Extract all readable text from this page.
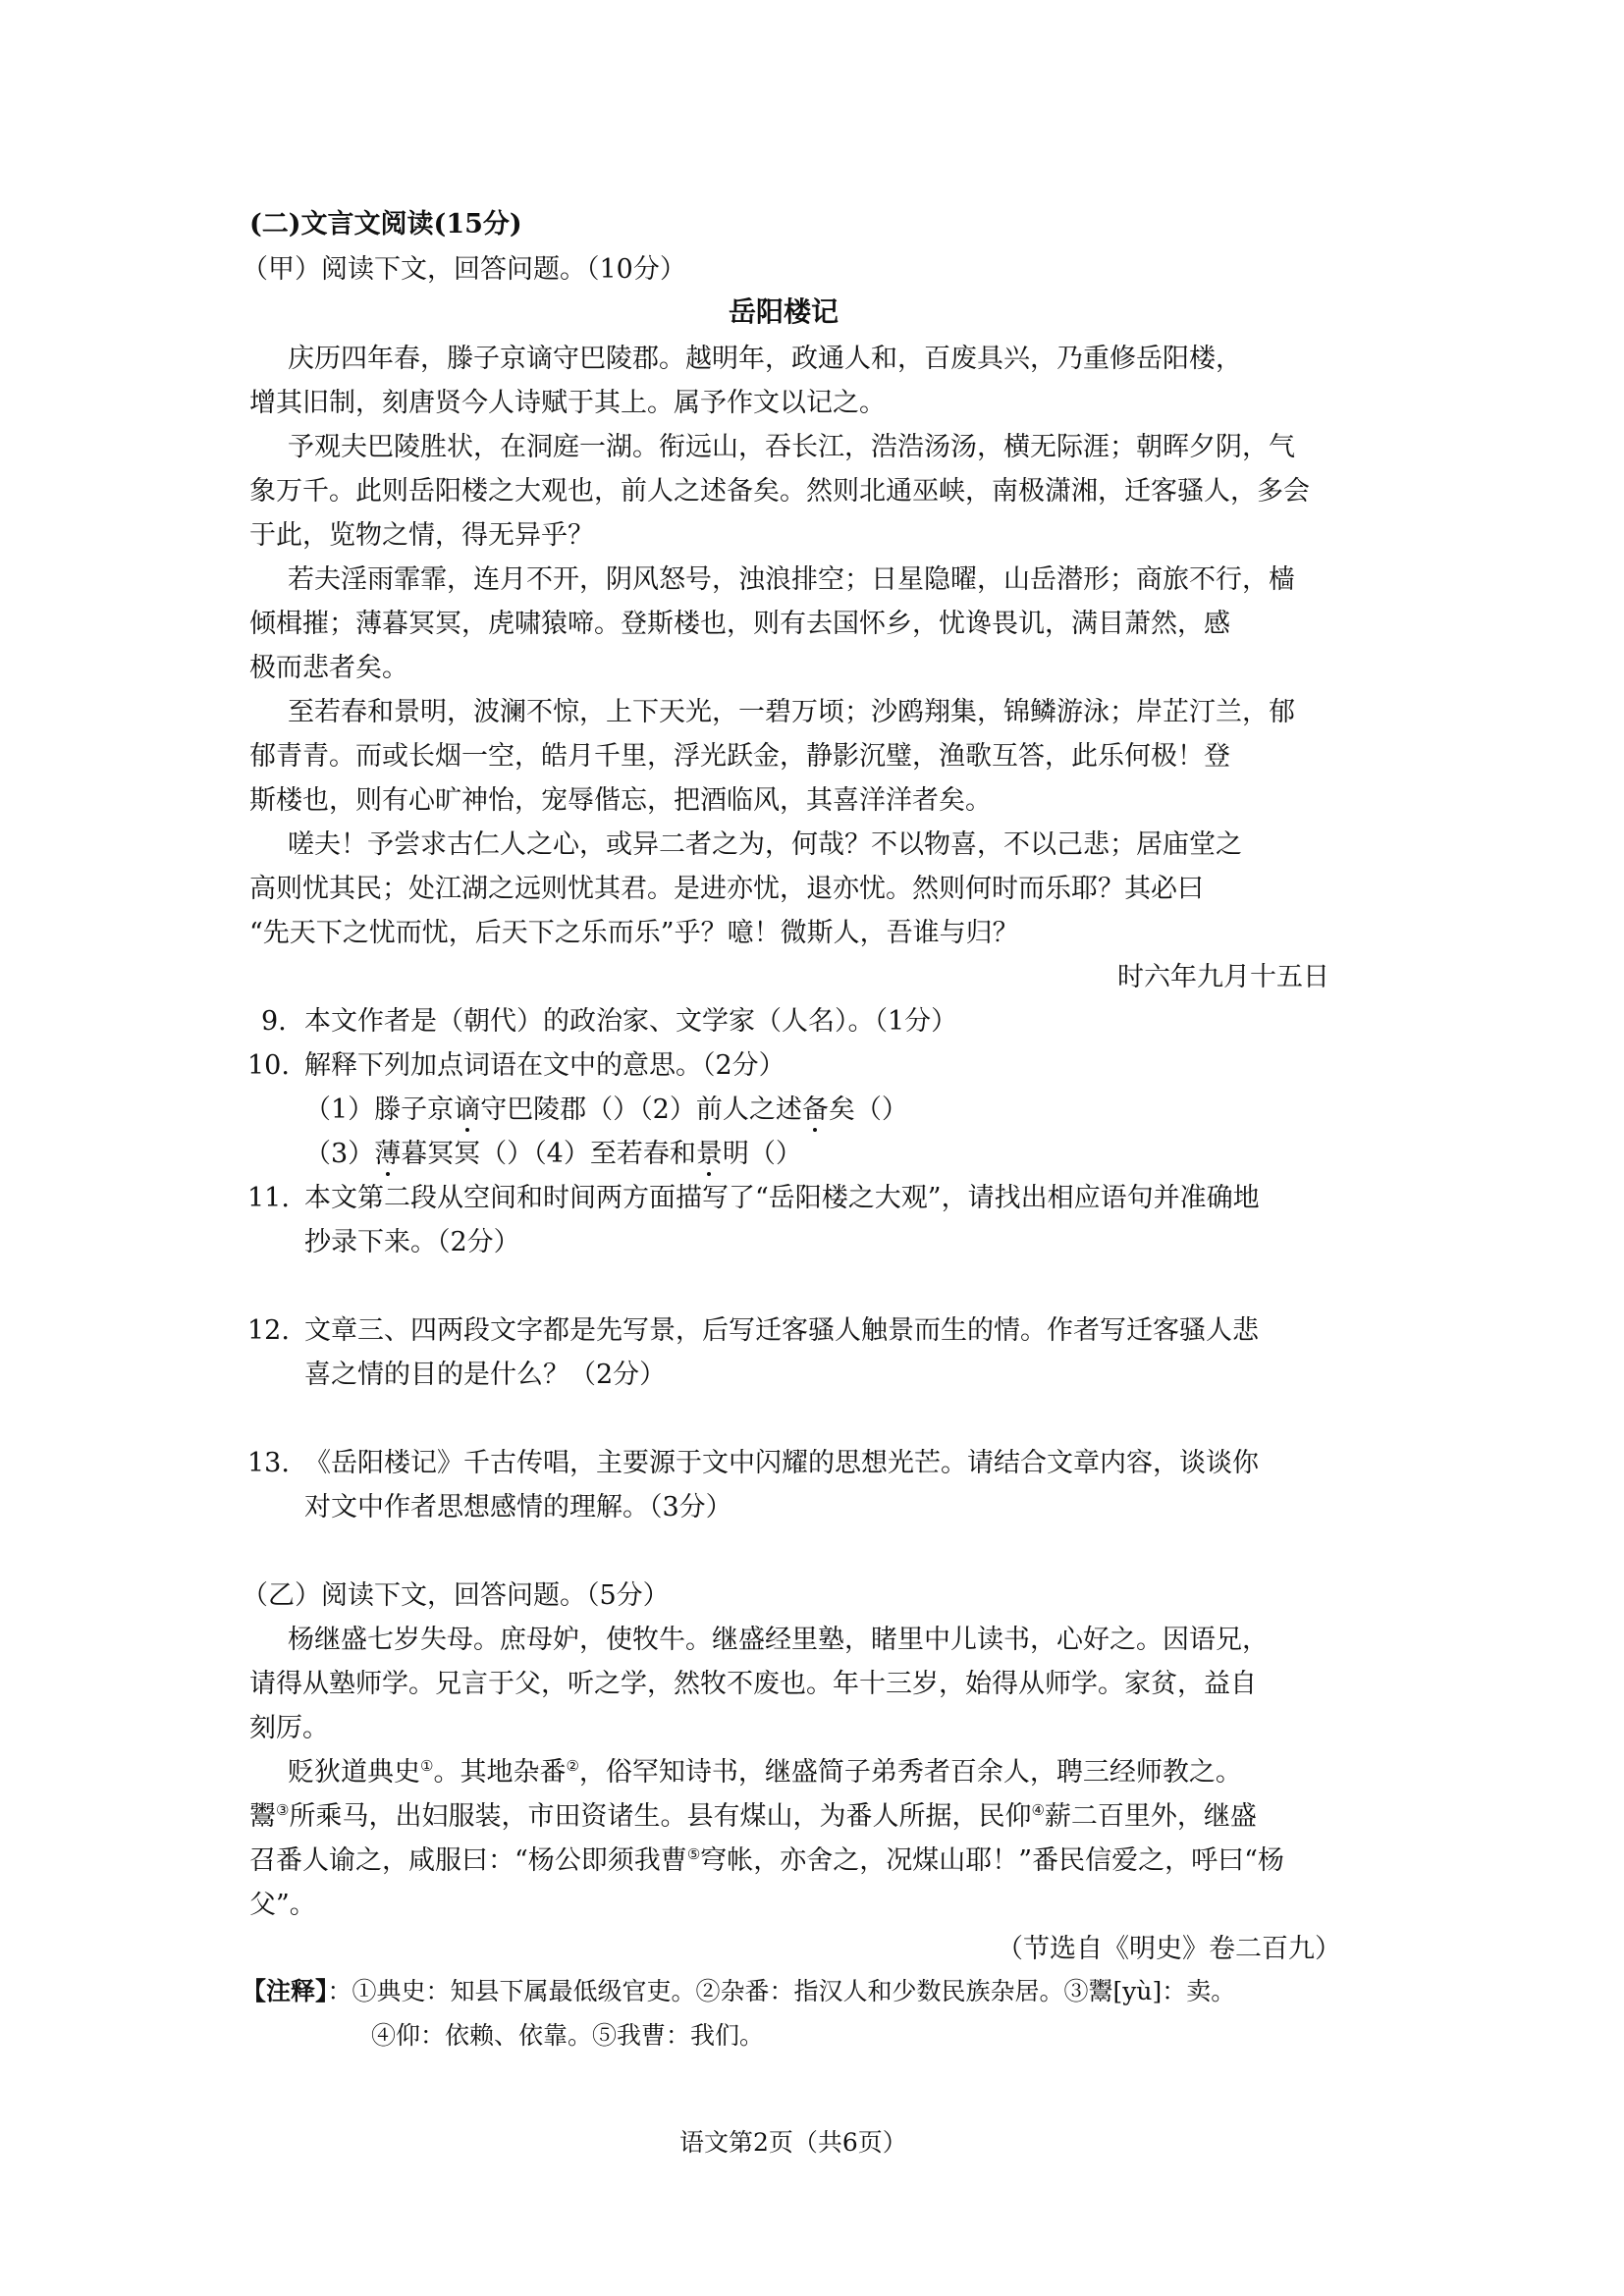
(二)文言文阅读(15分)
（甲）阅读下文，回答问题。（10分）
岳阳楼记
庆历四年春，滕子京谪守巴陵郡。越明年，政通人和，百废具兴，乃重修岳阳楼，
增其旧制，刻唐贤今人诗赋于其上。属予作文以记之。
予观夫巴陵胜状，在洞庭一湖。衔远山，吞长江，浩浩汤汤，横无际涯；朝晖夕阴，气
象万千。此则岳阳楼之大观也，前人之述备矣。然则北通巫峡，南极潇湘，迁客骚人，多会
于此，览物之情，得无异乎？
若夫淫雨霏霏，连月不开，阴风怒号，浊浪排空；日星隐曜，山岳潜形；商旅不行，樯
倾楫摧；薄暮冥冥，虎啸猿啼。登斯楼也，则有去国怀乡，忧谗畏讥，满目萧然，感
极而悲者矣。
至若春和景明，波澜不惊，上下天光，一碧万顷；沙鸥翔集，锦鳞游泳；岸芷汀兰，郁
郁青青。而或长烟一空，皓月千里，浮光跃金，静影沉璧，渔歌互答，此乐何极！登
斯楼也，则有心旷神怡，宠辱偕忘，把酒临风，其喜洋洋者矣。
嗟夫！予尝求古仁人之心，或异二者之为，何哉？不以物喜，不以己悲；居庙堂之
高则忧其民；处江湖之远则忧其君。是进亦忧，退亦忧。然则何时而乐耶？其必曰
“先天下之忧而忧，后天下之乐而乐”乎？噫！微斯人，吾谁与归？
时六年九月十五日
9. 本文作者是（朝代）的政治家、文学家（人名）。（1分）
10. 解释下列加点词语在文中的意思。（2分）
（1）滕子京谪守巴陵郡（）（2）前人之述备矣（）
（3）薄暮冥冥（）（4）至若春和景明（）
11. 本文第二段从空间和时间两方面描写了“岳阳楼之大观”，请找出相应语句并准确地
抄录下来。（2分）
12. 文章三、四两段文字都是先写景，后写迁客骚人触景而生的情。作者写迁客骚人悲
喜之情的目的是什么？（2分）
13. 《岳阳楼记》千古传唱，主要源于文中闪耀的思想光芒。请结合文章内容，谈谈你
对文中作者思想感情的理解。（3分）
（乙）阅读下文，回答问题。（5分）
杨继盛七岁失母。庶母妒，使牧牛。继盛经里塾，睹里中儿读书，心好之。因语兄，
请得从塾师学。兄言于父，听之学，然牧不废也。年十三岁，始得从师学。家贫，益自
刻厉。
贬狄道典史①。其地杂番②，俗罕知诗书，继盛简子弟秀者百余人，聘三经师教之。
鬻③所乘马，出妇服装，市田资诸生。县有煤山，为番人所据，民仰④薪二百里外，继盛
召番人谕之，咸服曰：“杨公即须我曹⑤穹帐，亦舍之，况煤山耶！”番民信爱之，呼曰“杨
父”。
（节选自《明史》卷二百九）
【注释】：①典史：知县下属最低级官吏。②杂番：指汉人和少数民族杂居。③鬻[yù]：卖。
④仰：依赖、依靠。⑤我曹：我们。
语文第2页（共6页）
